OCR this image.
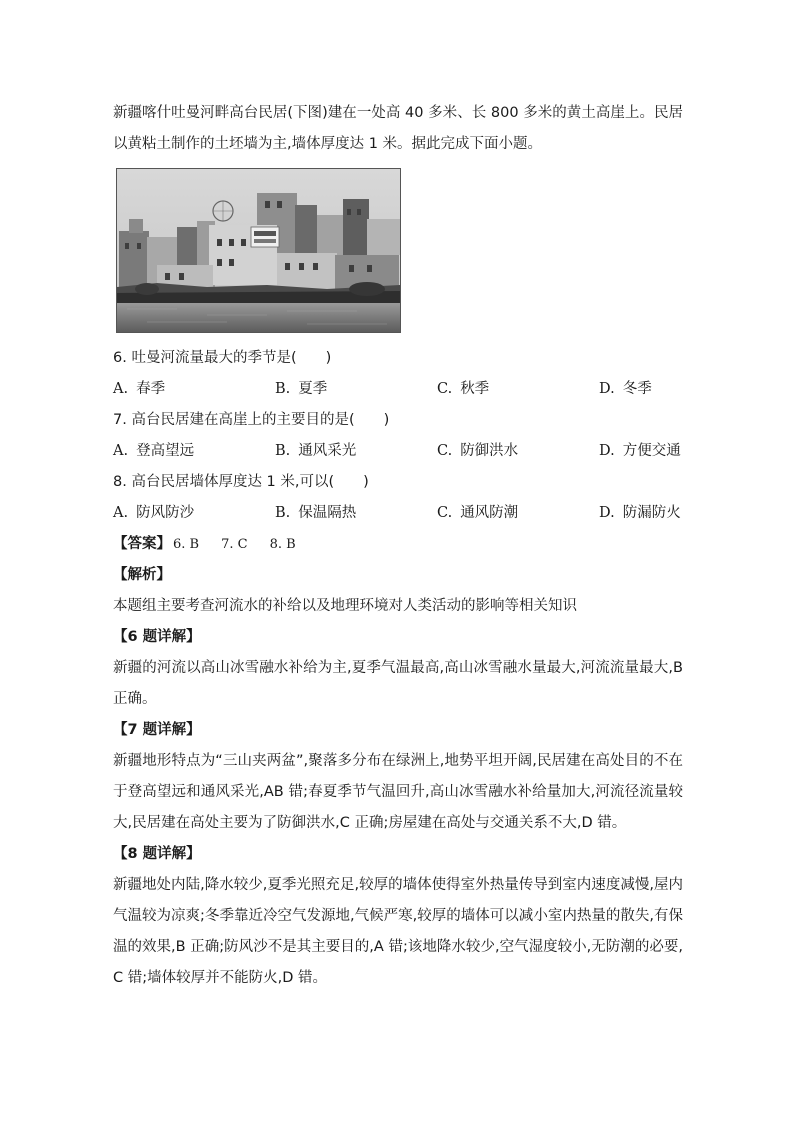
新疆喀什吐曼河畔高台民居(下图)建在一处高 40 多米、长 800 多米的黄土高崖上。民居以黄粘土制作的土坯墙为主,墙体厚度达 1 米。据此完成下面小题。

6. 吐曼河流量最大的季节是(　　)

A. 春季	B. 夏季	C. 秋季	D. 冬季

7. 高台民居建在高崖上的主要目的是(　　)

A. 登高望远	B. 通风采光	C. 防御洪水	D. 方便交通

8. 高台民居墙体厚度达 1 米,可以(　　)

A. 防风防沙	B. 保温隔热	C. 通风防潮	D. 防漏防火

【答案】 6. B 7. C 8. B

【解析】

本题组主要考查河流水的补给以及地理环境对人类活动的影响等相关知识

【6 题详解】

新疆的河流以高山冰雪融水补给为主,夏季气温最高,高山冰雪融水量最大,河流流量最大,B 正确。

【7 题详解】

新疆地形特点为“三山夹两盆”,聚落多分布在绿洲上,地势平坦开阔,民居建在高处目的不在于登高望远和通风采光,AB 错;春夏季节气温回升,高山冰雪融水补给量加大,河流径流量较大,民居建在高处主要为了防御洪水,C 正确;房屋建在高处与交通关系不大,D 错。

【8 题详解】

新疆地处内陆,降水较少,夏季光照充足,较厚的墙体使得室外热量传导到室内速度减慢,屋内气温较为凉爽;冬季靠近冷空气发源地,气候严寒,较厚的墙体可以减小室内热量的散失,有保温的效果,B 正确;防风沙不是其主要目的,A 错;该地降水较少,空气湿度较小,无防潮的必要,C 错;墙体较厚并不能防火,D 错。
